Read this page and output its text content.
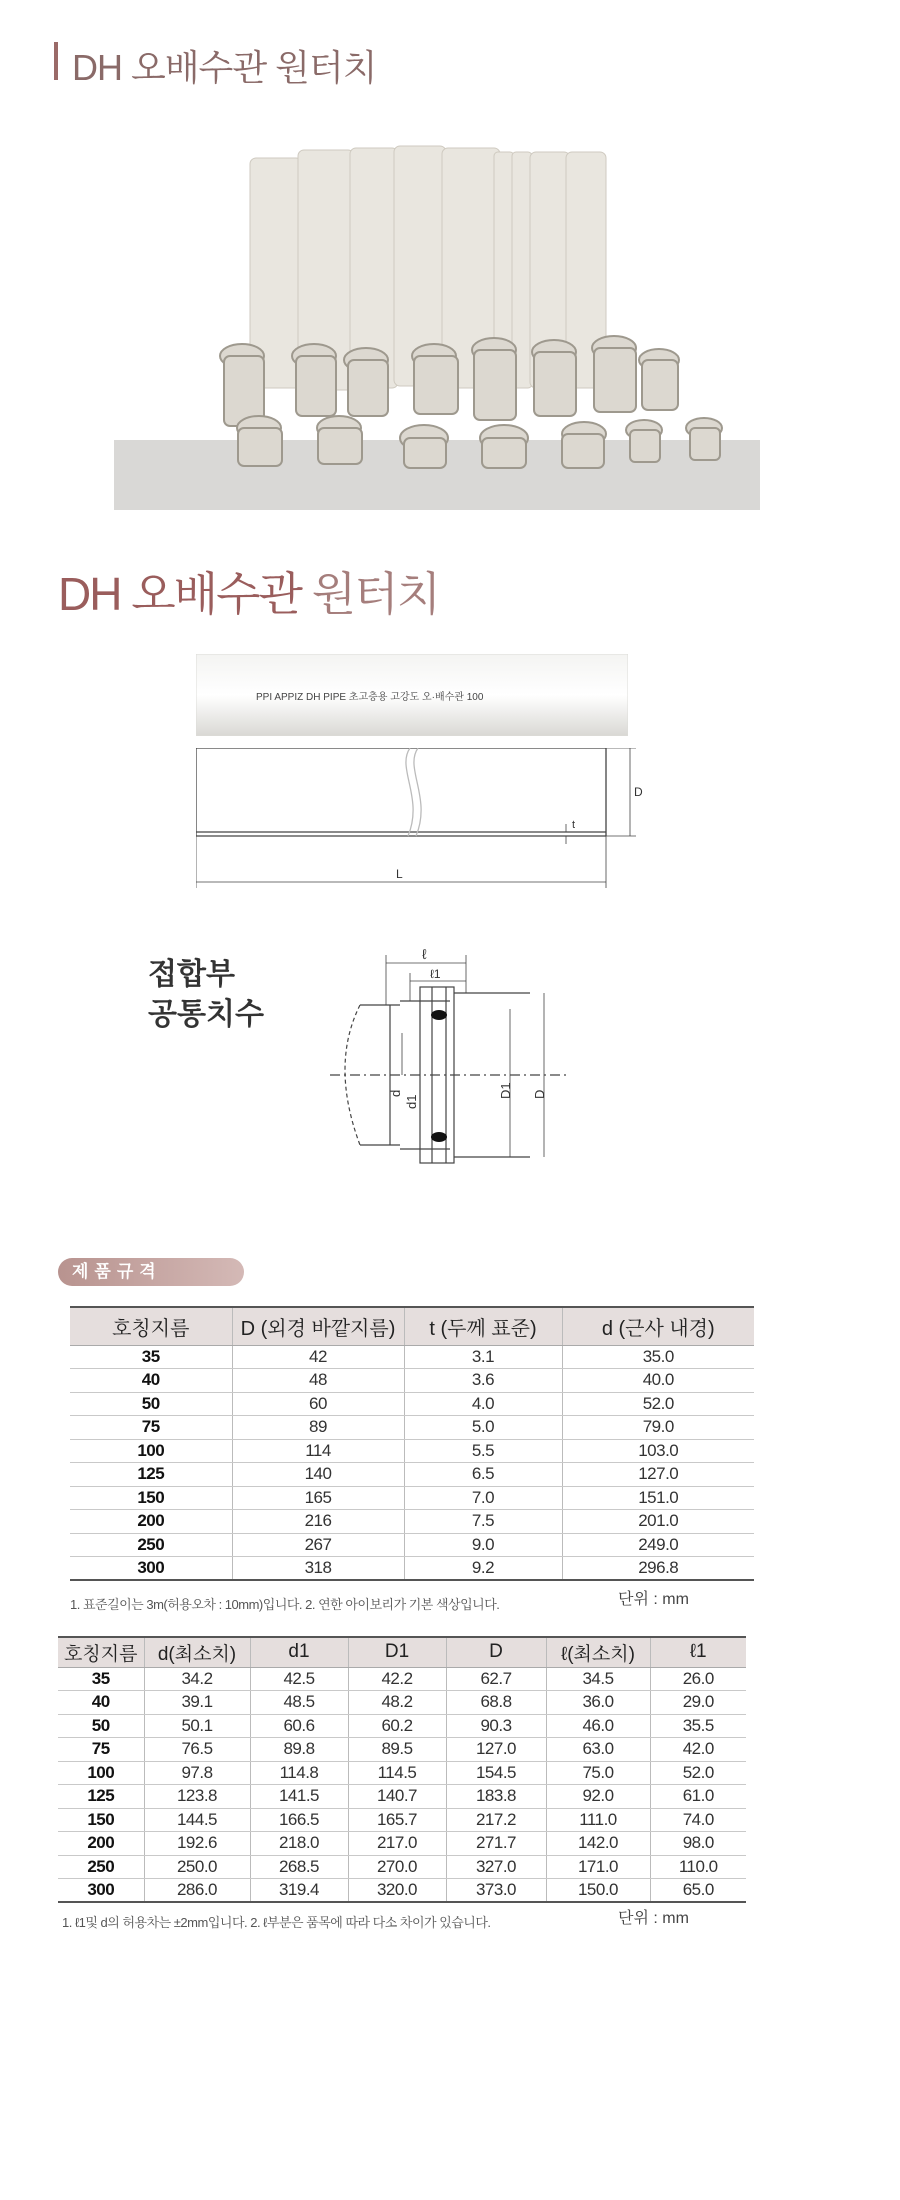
DH 오배수관 원터치
DH 오배수관 원터치
PPI APPIZ DH PIPE 초고층용 고강도 오·배수관 100
D
t
L
접합부
공통치수
ℓ
ℓ1
d
d1
D1 D
제품규격
호칭지름	D (외경 바깥지름)	t (두께 표준)	d (근사 내경)
35	42	3.1	35.0
40	48	3.6	40.0
50	60	4.0	52.0
75	89	5.0	79.0
100	114	5.5	103.0
125	140	6.5	127.0
150	165	7.0	151.0
200	216	7.5	201.0
250	267	9.0	249.0
300	318	9.2	296.8
1. 표준길이는 3m(허용오차 : 10mm)입니다. 2. 연한 아이보리가 기본 색상입니다.	단위 : mm
호칭지름	d(최소치)	d1	D1	D	ℓ(최소치)	ℓ1
35	34.2	42.5	42.2	62.7	34.5	26.0
40	39.1	48.5	48.2	68.8	36.0	29.0
50	50.1	60.6	60.2	90.3	46.0	35.5
75	76.5	89.8	89.5	127.0	63.0	42.0
100	97.8	114.8	114.5	154.5	75.0	52.0
125	123.8	141.5	140.7	183.8	92.0	61.0
150	144.5	166.5	165.7	217.2	111.0	74.0
200	192.6	218.0	217.0	271.7	142.0	98.0
250	250.0	268.5	270.0	327.0	171.0	110.0
300	286.0	319.4	320.0	373.0	150.0	65.0
1. ℓ1및 d의 허용차는 ±2mm입니다. 2. ℓ부분은 품목에 따라 다소 차이가 있습니다.	단위 : mm
